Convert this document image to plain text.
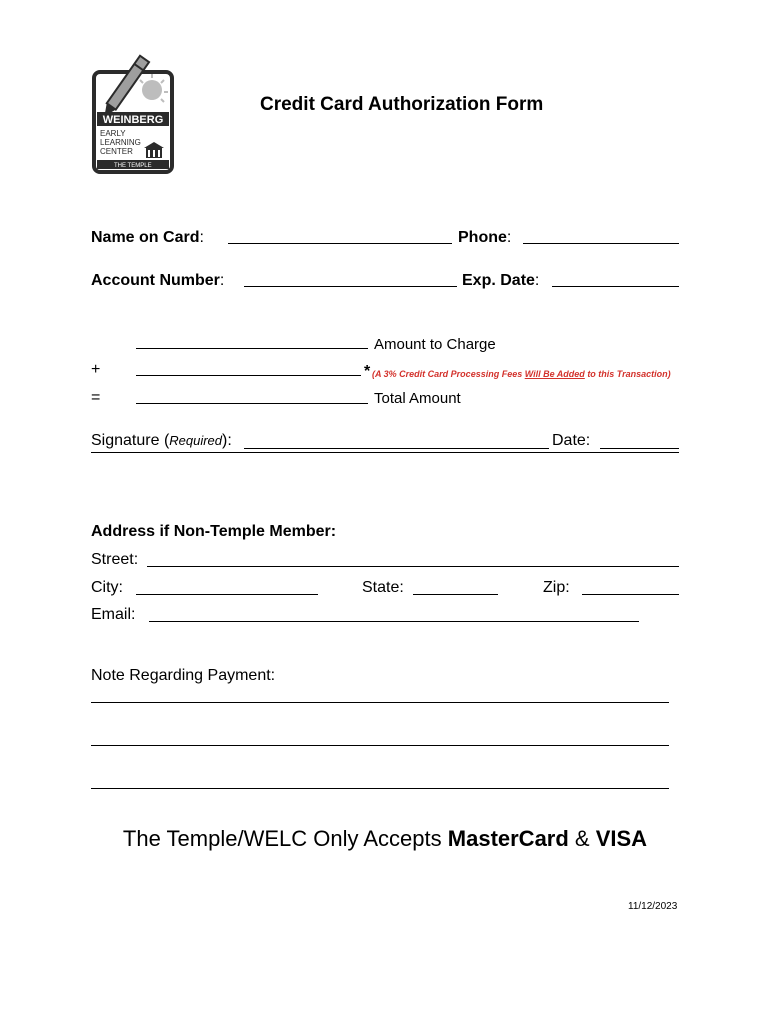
WEINBERG
EARLY
LEARNING
CENTER
THE TEMPLE
Credit Card Authorization Form
Name on Card:	Phone:
Account Number:	Exp. Date:
Amount to Charge
+	* (A 3% Credit Card Processing Fees Will Be Added to this Transaction)
=	Total Amount
Signature (Required):	Date:
Address if Non-Temple Member:
Street:
City:	State:	Zip:
Email:
Note Regarding Payment:
The Temple/WELC Only Accepts MasterCard & VISA
11/12/2023
